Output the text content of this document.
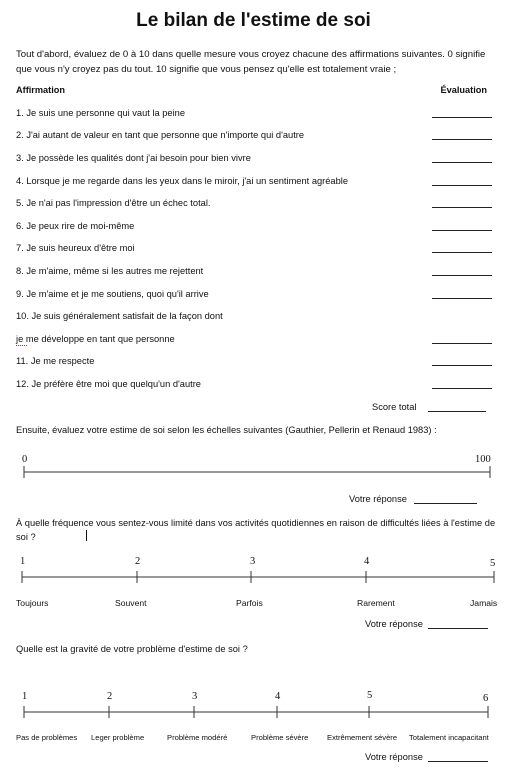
Le bilan de l'estime de soi
Tout d'abord, évaluez de 0 à 10 dans quelle mesure vous croyez chacune des affirmations suivantes. 0 signifie que vous n'y croyez pas du tout. 10 signifie que vous pensez qu'elle est totalement vraie ;
Affirmation	Évaluation
1. Je suis une personne qui vaut la peine
2. J'ai autant de valeur en tant que personne que n'importe qui d'autre
3. Je possède les qualités dont j'ai besoin pour bien vivre
4. Lorsque je me regarde dans les yeux dans le miroir, j'ai un sentiment agréable
5. Je n'ai pas l'impression d'être un échec total.
6. Je peux rire de moi-même
7. Je suis heureux d'être moi
8. Je m'aime, même si les autres me rejettent
9. Je m'aime et je me soutiens, quoi qu'il arrive
10. Je suis généralement satisfait de la façon dont
je me développe en tant que personne
11. Je me respecte
12. Je préfère être moi que quelqu'un d'autre
Score total
Ensuite, évaluez votre estime de soi selon les échelles suivantes (Gauthier, Pellerin et Renaud 1983) :
0	100
Votre réponse
À quelle fréquence vous sentez-vous limité dans vos activités quotidiennes en raison de difficultés liées à l'estime de soi ?
1	2	3	4	5
Toujours	Souvent	Parfois	Rarement	Jamais
Votre réponse
Quelle est la gravité de votre problème d'estime de soi ?
1	2	3	4	5	6
Pas de problèmes Leger problème	Problème modéré	Problème sévère Extrêmement sévère Totalement incapacitant
Votre réponse
